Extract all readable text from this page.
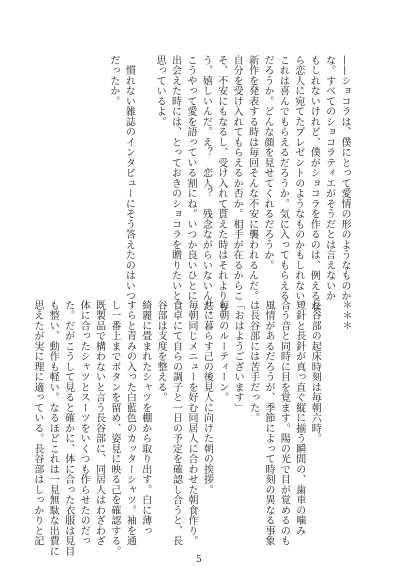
——ショコラは、僕にとって愛情の形のようなものか
な。すべてのショコラティエがそうだとは言えないか
もしれないけれど、僕がショコラを作るのは、例えるな
ら恋人に宛てたプレゼントのようなものかもしれない。
これは喜んでもらえるだろうか。気に入ってもらえる
だろうか。どんな顔を見せてくれるだろうか。
新作を発表する時は毎回そんな不安に襲われるんだ。
自分を受け入れてもらえるか否か。相手が在るからこ
そ、不安にもなるし、受け入れて貰えた時はそれよりも
う、嬉しいんだ。え？　恋人？　残念ながらいないんだ。
こうやって愛を語っている割にね。いつか良いひとに
出会えた時には、とっておきのショコラを贈りたいと
思っているよ。

　慣れない雑誌のインタビューにそう答えたのはいつ
だったか。
＊＊＊

長谷部の起床時刻は毎朝六時。
短針と長針が真っ直ぐ縦に揃う瞬間の、歯車の噛み
合う音と同時に目を覚ます。陽の光で目が覚めるのも
風情があるだろうが、季節によって時刻の異なる事象
は長谷部には苦手だった。
「おはようございます」
毎朝のルーティーン。
共に暮らす己の後見人に向けた朝の挨拶。
毎朝同じメニューを好む同居人に合わせた朝食作り。
食卓にて自らの調子と一日の予定を確認し合うと、長
谷部は支度を整える。
綺麗に畳まれたシャツを棚から取り出す。白に薄っ
すらと青みの入った白藍色のカッターシャツ。袖を通
し一番上までボタンを留め、姿見に映る己を確認する。
既製品で構わないと言う長谷部に、同居人はわざわざ
体に合ったシャツとスーツをいくつも作らせたのだっ
た。だがこうして見ると確かに、体に合った衣服は見目
も整い、動作も軽い。なるほどこれは一見無駄な出費に
思えたが実に理に適っている。長谷部はしっかりと記
5
